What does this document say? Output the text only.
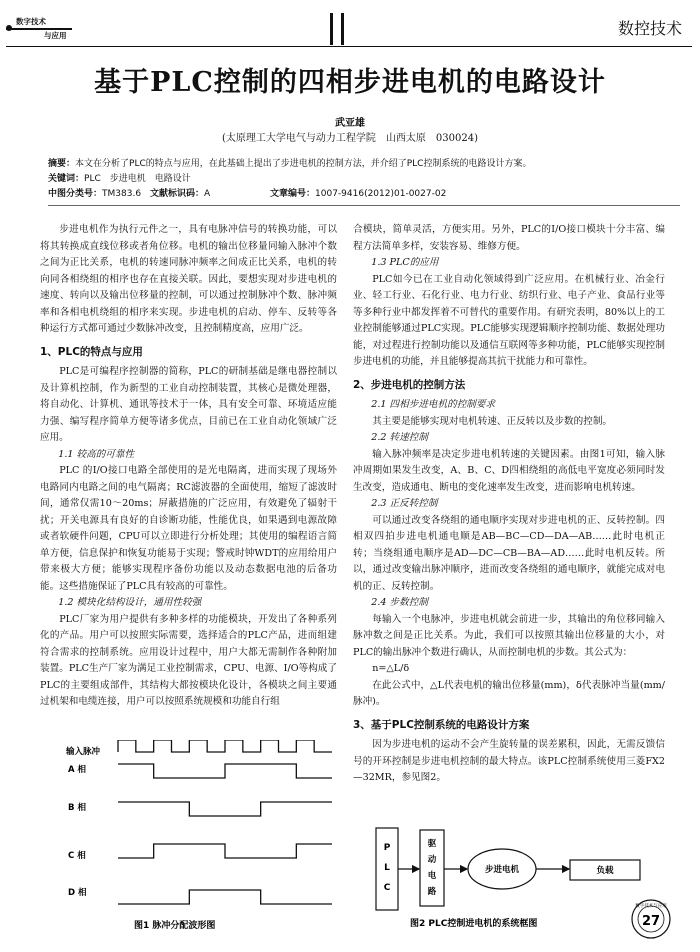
数字技术
与应用	数控技术
基于PLC控制的四相步进电机的电路设计
武亚雄
(太原理工大学电气与动力工程学院　山西太原　030024)
摘要：本文在分析了PLC的特点与应用，在此基础上提出了步进电机的控制方法，并介绍了PLC控制系统的电路设计方案。
关键词：PLC　步进电机　电路设计
中图分类号：TM383.6 文献标识码：A	文章编号：1007-9416(2012)01-0027-02

步进电机作为执行元件之一，具有电脉冲信号的转换功能，可以将其转换成直线位移或者角位移。电机的输出位移量同输入脉冲个数之间为正比关系，电机的转速同脉冲频率之间成正比关系，电机的转向同各相绕组的相序也存在直接关联。因此，要想实现对步进电机的速度、转向以及输出位移量的控制，可以通过控制脉冲个数、脉冲频率和各相电机绕组的相序来实现。步进电机的启动、停车、反转等各种运行方式都可通过少数脉冲改变，且控制精度高，应用广泛。

1、PLC的特点与应用

PLC是可编程序控制器的简称，PLC的研制基础是继电器控制以及计算机控制，作为新型的工业自动控制装置，其核心是微处理器，将自动化、计算机、通讯等技术于一体，具有安全可靠、环境适应能力强、编写程序简单方便等诸多优点，目前已在工业自动化领域广泛应用。

1.1 较高的可靠性

PLC 的I/O接口电路全部使用的是光电隔离，进而实现了现场外电路同内电路之间的电气隔离；RC滤波器的全面使用，缩短了滤波时间，通常仅需10～20ms；屏蔽措施的广泛应用，有效避免了辐射干扰；开关电源具有良好的自诊断功能，性能优良，如果遇到电源故障或者软硬件问题，CPU可以立即进行分析处理；其使用的编程语言简单方便，信息保护和恢复功能易于实现；警戒时钟WDT的应用给用户带来极大方便；能够实现程序备份功能以及动态数据电池的后备功能。这些措施保证了PLC具有较高的可靠性。

1.2 模块化结构设计，通用性较强

PLC厂家为用户提供有多种多样的功能模块，开发出了各种系列化的产品。用户可以按照实际需要，选择适合的PLC产品，进而组建符合需求的控制系统。应用设计过程中，用户大都无需制作各种附加装置。PLC生产厂家为满足工业控制需求，CPU、电源、I/O等构成了PLC的主要组成部件，其结构大都按模块化设计，各模块之间主要通过机架和电缆连接，用户可以按照系统规模和功能自行组

输入脉冲
A 相
B 相
C 相
D 相
图1 脉冲分配波形图

合模块，简单灵活，方便实用。另外，PLC的I/O接口模块十分丰富、编程方法简单多样，安装容易、维修方便。

1.3 PLC的应用

PLC如今已在工业自动化领域得到广泛应用。在机械行业、冶金行业、轻工行业、石化行业、电力行业、纺织行业、电子产业、食品行业等等多种行业中都发挥着不可替代的重要作用。有研究表明，80%以上的工业控制能够通过PLC实现。PLC能够实现逻辑顺序控制功能、数据处理功能，对过程进行控制功能以及通信互联网等多种功能，PLC能够实现控制步进电机的功能，并且能够提高其抗干扰能力和可靠性。

2、步进电机的控制方法

2.1 四相步进电机的控制要求

其主要是能够实现对电机转速、正反转以及步数的控制。

2.2 转速控制

输入脉冲频率是决定步进电机转速的关键因素。由图1可知，输入脉冲周期如果发生改变，A、B、C、D四相绕组的高低电平宽度必须同时发生改变，造成通电、断电的变化速率发生改变，进而影响电机转速。

2.3 正反转控制

可以通过改变各绕组的通电顺序实现对步进电机的正、反转控制。四相双四拍步进电机通电顺是AB—BC—CD—DA—AB……此时电机正转；当绕组通电顺序是AD—DC—CB—BA—AD……此时电机反转。所以，通过改变输出脉冲顺序，进而改变各绕组的通电顺序，就能完成对电机的正、反转控制。

2.4 步数控制

每输入一个电脉冲，步进电机就会前进一步，其输出的角位移同输入脉冲数之间是正比关系。为此，我们可以按照其输出位移量的大小，对PLC的输出脉冲个数进行确认，从而控制电机的步数。其公式为：

n=△L/δ

在此公式中，△L代表电机的输出位移量(mm)，δ代表脉冲当量(mm/脉冲)。

3、基于PLC控制系统的电路设计方案

因为步进电机的运动不会产生旋转量的误差累积，因此，无需反馈信号的开环控制是步进电机控制的最大特点。该PLC控制系统使用三菱FX2—32MR，参见图2。

P L C
驱动电路
步进电机	负载
图2 PLC控制进电机的系统框图
数字技术与应用
27
